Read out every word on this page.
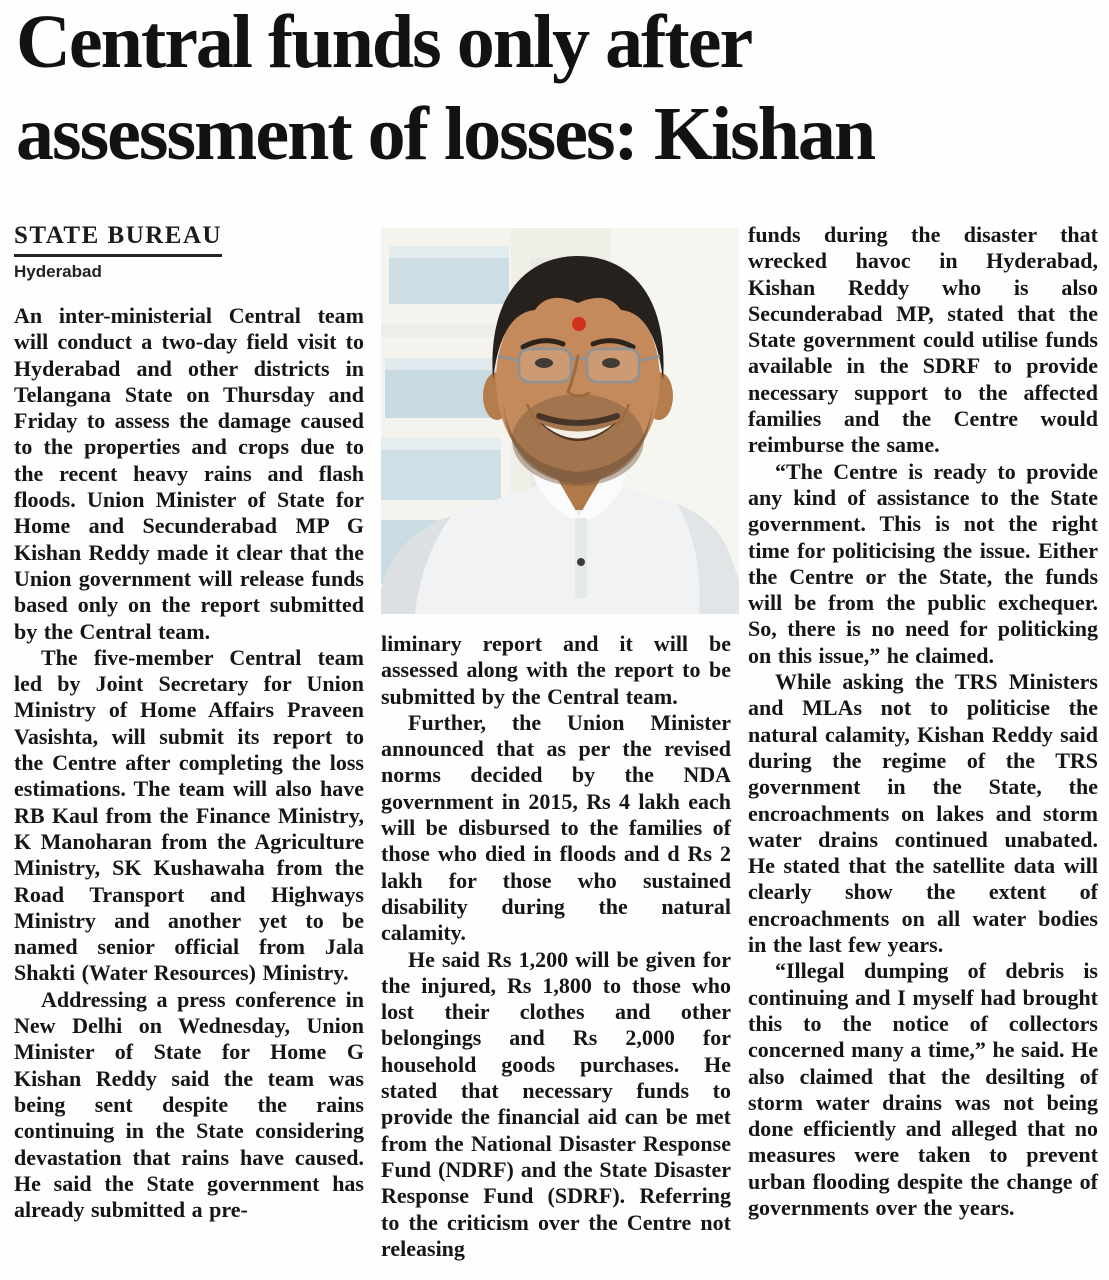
Central funds only after
assessment of losses: Kishan
STATE BUREAU
Hyderabad

An inter-ministerial Central team will conduct a two-day field visit to Hyderabad and other districts in Telangana State on Thursday and Friday to assess the damage caused to the properties and crops due to the recent heavy rains and flash floods. Union Minister of State for Home and Secunderabad MP G Kishan Reddy made it clear that the Union government will release funds based only on the report submitted by the Central team.

The five-member Central team led by Joint Secretary for Union Ministry of Home Affairs Praveen Vasishta, will submit its report to the Centre after completing the loss estimations. The team will also have RB Kaul from the Finance Ministry, K Manoharan from the Agriculture Ministry, SK Kushawaha from the Road Transport and Highways Ministry and another yet to be named senior official from Jala Shakti (Water Resources) Ministry.

Addressing a press conference in New Delhi on Wednesday, Union Minister of State for Home G Kishan Reddy said the team was being sent despite the rains continuing in the State considering devastation that rains have caused. He said the State government has already submitted a pre-

liminary report and it will be assessed along with the report to be submitted by the Central team.

Further, the Union Minister announced that as per the revised norms decided by the NDA government in 2015, Rs 4 lakh each will be disbursed to the families of those who died in floods and d Rs 2 lakh for those who sustained disability during the natural calamity.

He said Rs 1,200 will be given for the injured, Rs 1,800 to those who lost their clothes and other belongings and Rs 2,000 for household goods purchases. He stated that necessary funds to provide the financial aid can be met from the National Disaster Response Fund (NDRF) and the State Disaster Response Fund (SDRF). Referring to the criticism over the Centre not releasing

funds during the disaster that wrecked havoc in Hyderabad, Kishan Reddy who is also Secunderabad MP, stated that the State government could utilise funds available in the SDRF to provide necessary support to the affected families and the Centre would reimburse the same.

“The Centre is ready to provide any kind of assistance to the State government. This is not the right time for politicising the issue. Either the Centre or the State, the funds will be from the public exchequer. So, there is no need for politicking on this issue,” he claimed.

While asking the TRS Ministers and MLAs not to politicise the natural calamity, Kishan Reddy said during the regime of the TRS government in the State, the encroachments on lakes and storm water drains continued unabated. He stated that the satellite data will clearly show the extent of encroachments on all water bodies in the last few years.

“Illegal dumping of debris is continuing and I myself had brought this to the notice of collectors concerned many a time,” he said. He also claimed that the desilting of storm water drains was not being done efficiently and alleged that no measures were taken to prevent urban flooding despite the change of governments over the years.
